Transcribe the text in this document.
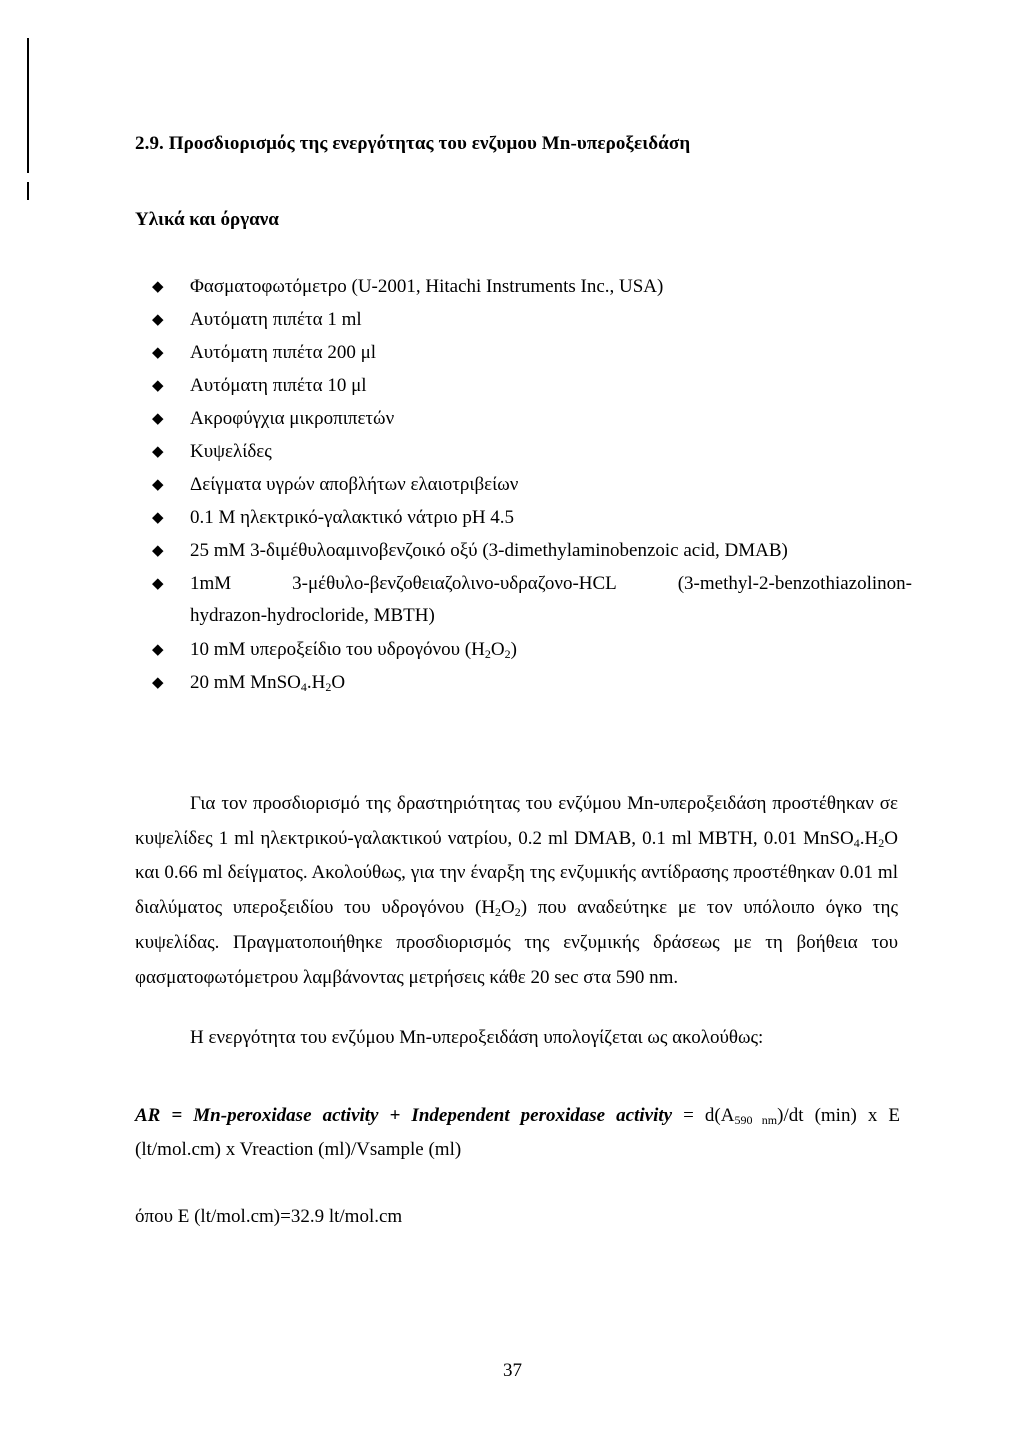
2.9. Προσδιορισμός της ενεργότητας του ενζυμου Mn-υπεροξειδάση
Υλικά και όργανα
◆ Φασματοφωτόμετρο (U-2001, Hitachi Instruments Inc., USA)
◆ Αυτόματη πιπέτα 1 ml
◆ Αυτόματη πιπέτα 200 μl
◆ Αυτόματη πιπέτα 10 μl
◆ Ακροφύγχια μικροπιπετών
◆ Κυψελίδες
◆ Δείγματα υγρών αποβλήτων ελαιοτριβείων
◆ 0.1 M ηλεκτρικό-γαλακτικό νάτριο pH 4.5
◆ 25 mM 3-διμέθυλοαμινοβενζοικό οξύ (3-dimethylaminobenzoic acid, DMAB)
◆ 1mM	3-μέθυλο-βενζοθειαζολινο-υδραζονο-HCL	(3-methyl-2-benzothiazolinon-
hydrazon-hydrocloride, MBTH)
◆ 10 mM υπεροξείδιο του υδρογόνου $(H_2O_2)$
◆ 20 mM $MnSO_4.H_2O$
Για τον προσδιορισμό της δραστηριότητας του ενζύμου Mn-υπεροξειδάση προστέθηκαν σε κυψελίδες 1 ml ηλεκτρικού-γαλακτικού νατρίου, 0.2 ml DMAB, 0.1 ml MBTH, 0.01 $MnSO_4.H_2O$ και 0.66 ml δείγματος. Ακολούθως, για την έναρξη της ενζυμικής αντίδρασης προστέθηκαν 0.01 ml διαλύματος υπεροξειδίου του υδρογόνου $(H_2O_2)$ που αναδεύτηκε με τον υπόλοιπο όγκο της κυψελίδας. Πραγματοποιήθηκε προσδιορισμός της ενζυμικής δράσεως με τη βοήθεια του φασματοφωτόμετρου λαμβάνοντας μετρήσεις κάθε 20 sec στα 590 nm.
Η ενεργότητα του ενζύμου Mn-υπεροξειδάση υπολογίζεται ως ακολούθως:
AR = Mn-peroxidase activity + Independent peroxidase activity = $d(A_{590 nm})/dt$ (min) x E (lt/mol.cm) x Vreaction (ml)/Vsample (ml)
όπου E (lt/mol.cm)=32.9 lt/mol.cm
37
